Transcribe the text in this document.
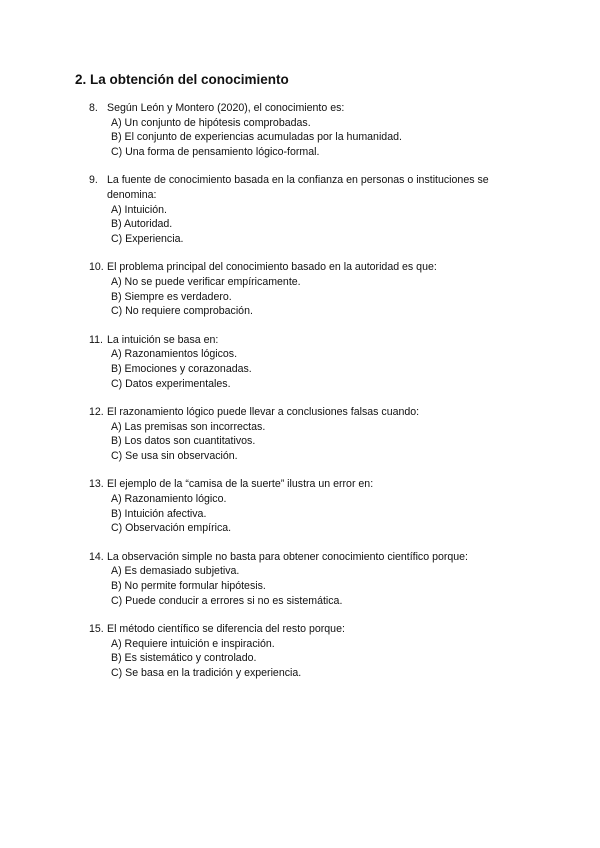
2. La obtención del conocimiento
8. Según León y Montero (2020), el conocimiento es:
A) Un conjunto de hipótesis comprobadas.
B) El conjunto de experiencias acumuladas por la humanidad.
C) Una forma de pensamiento lógico-formal.
9. La fuente de conocimiento basada en la confianza en personas o instituciones se denomina:
A) Intuición.
B) Autoridad.
C) Experiencia.
10. El problema principal del conocimiento basado en la autoridad es que:
A) No se puede verificar empíricamente.
B) Siempre es verdadero.
C) No requiere comprobación.
11. La intuición se basa en:
A) Razonamientos lógicos.
B) Emociones y corazonadas.
C) Datos experimentales.
12. El razonamiento lógico puede llevar a conclusiones falsas cuando:
A) Las premisas son incorrectas.
B) Los datos son cuantitativos.
C) Se usa sin observación.
13. El ejemplo de la “camisa de la suerte” ilustra un error en:
A) Razonamiento lógico.
B) Intuición afectiva.
C) Observación empírica.
14. La observación simple no basta para obtener conocimiento científico porque:
A) Es demasiado subjetiva.
B) No permite formular hipótesis.
C) Puede conducir a errores si no es sistemática.
15. El método científico se diferencia del resto porque:
A) Requiere intuición e inspiración.
B) Es sistemático y controlado.
C) Se basa en la tradición y experiencia.
